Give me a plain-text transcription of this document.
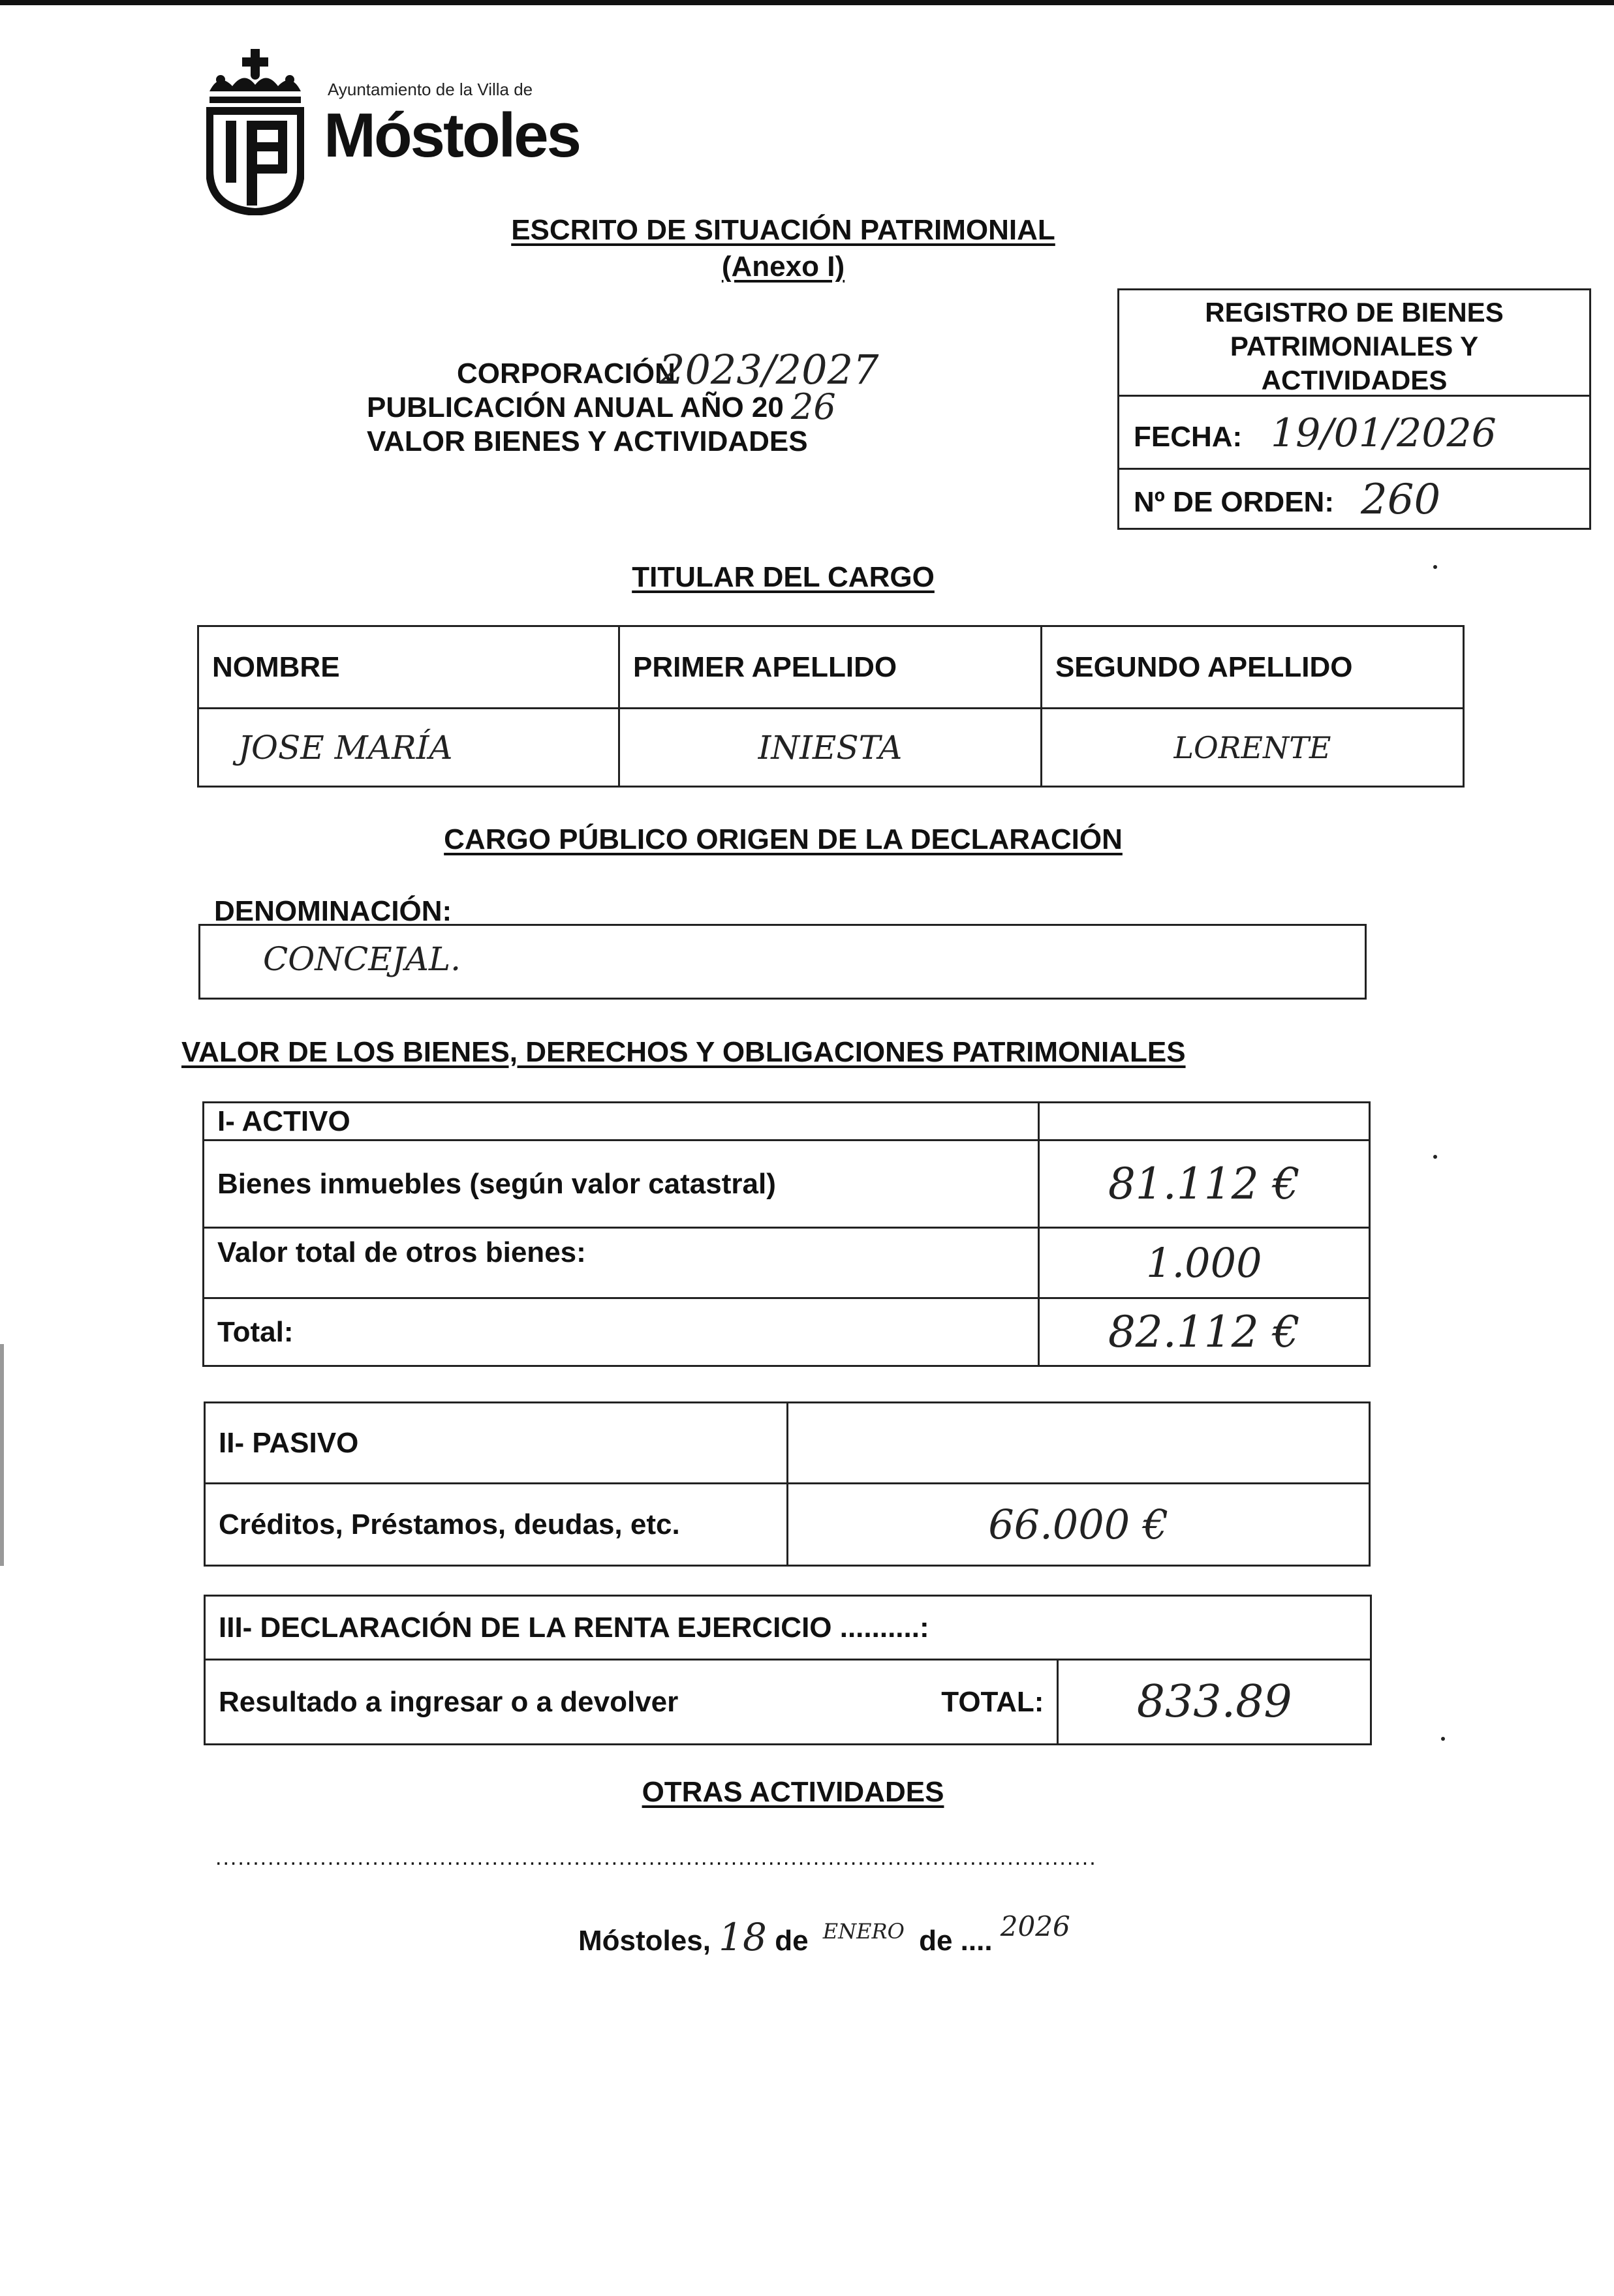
Ayuntamiento de la Villa de
Móstoles
ESCRITO DE SITUACIÓN PATRIMONIAL
(Anexo I)
CORPORACIÓN
2023/2027
PUBLICACIÓN ANUAL AÑO 20 26
VALOR BIENES Y ACTIVIDADES
REGISTRO DE BIENES PATRIMONIALES Y ACTIVIDADES
FECHA: 19/01/2026
Nº DE ORDEN: 260
TITULAR DEL CARGO
NOMBRE	PRIMER APELLIDO	SEGUNDO APELLIDO
JOSE MARÍA	INIESTA	LORENTE
CARGO PÚBLICO ORIGEN DE LA DECLARACIÓN
DENOMINACIÓN:
CONCEJAL.
VALOR DE LOS BIENES, DERECHOS Y OBLIGACIONES PATRIMONIALES
I- ACTIVO	
Bienes inmuebles (según valor catastral)	81.112 €
Valor total de otros bienes:	1.000
Total:	82.112 €
II- PASIVO	
Créditos, Préstamos, deudas, etc.	66.000 €
III- DECLARACIÓN DE LA RENTA EJERCICIO ..........:
Resultado a ingresar o a devolver	TOTAL:	833.89
OTRAS ACTIVIDADES
......................................................................................................................
Móstoles, 18 de $^{ENERO}$ de .... 2026
